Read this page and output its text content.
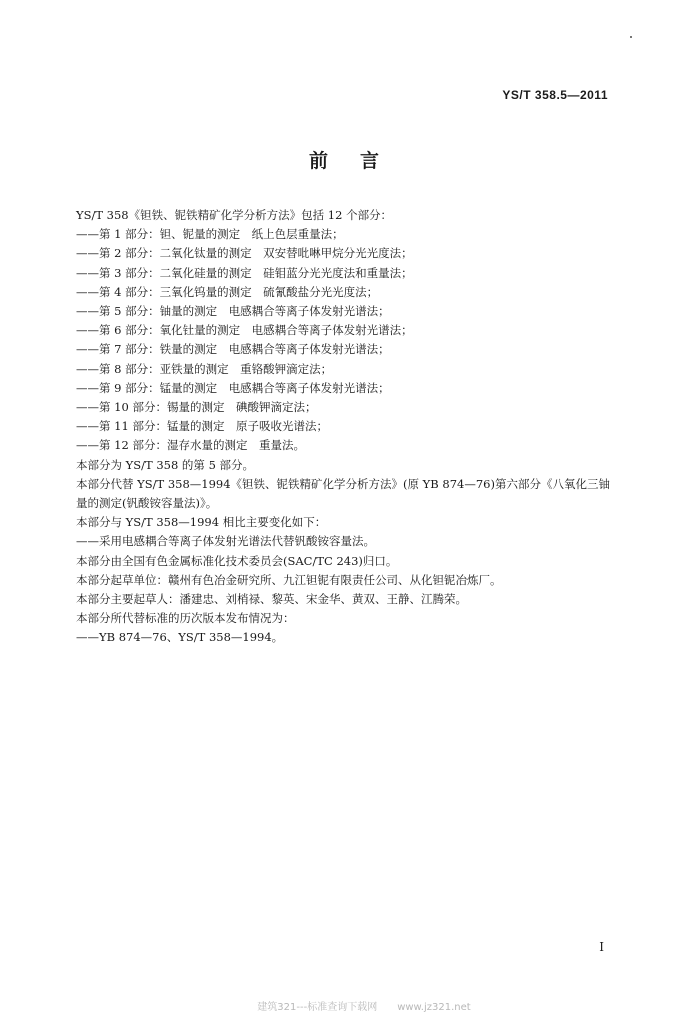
YS/T 358.5—2011
前言

YS/T 358《钽铁、铌铁精矿化学分析方法》包括 12 个部分：

——第 1 部分：钽、铌量的测定　纸上色层重量法；

——第 2 部分：二氧化钛量的测定　双安替吡啉甲烷分光光度法；

——第 3 部分：二氧化硅量的测定　硅钼蓝分光光度法和重量法；

——第 4 部分：三氧化钨量的测定　硫氰酸盐分光光度法；

——第 5 部分：铀量的测定　电感耦合等离子体发射光谱法；

——第 6 部分：氧化钍量的测定　电感耦合等离子体发射光谱法；

——第 7 部分：铁量的测定　电感耦合等离子体发射光谱法；

——第 8 部分：亚铁量的测定　重铬酸钾滴定法；

——第 9 部分：锰量的测定　电感耦合等离子体发射光谱法；

——第 10 部分：锡量的测定　碘酸钾滴定法；

——第 11 部分：锰量的测定　原子吸收光谱法；

——第 12 部分：湿存水量的测定　重量法。

本部分为 YS/T 358 的第 5 部分。

本部分代替 YS/T 358—1994《钽铁、铌铁精矿化学分析方法》(原 YB 874—76)第六部分《八氧化三铀量的测定(钒酸铵容量法)》。

本部分与 YS/T 358—1994 相比主要变化如下：

——采用电感耦合等离子体发射光谱法代替钒酸铵容量法。

本部分由全国有色金属标准化技术委员会(SAC/TC 243)归口。

本部分起草单位：赣州有色冶金研究所、九江钽铌有限责任公司、从化钽铌冶炼厂。

本部分主要起草人：潘建忠、刘梢禄、黎英、宋金华、黄双、王静、江腾荣。

本部分所代替标准的历次版本发布情况为：

——YB 874—76、YS/T 358—1994。

I
建筑321---标准查询下载网　　www.jz321.net
